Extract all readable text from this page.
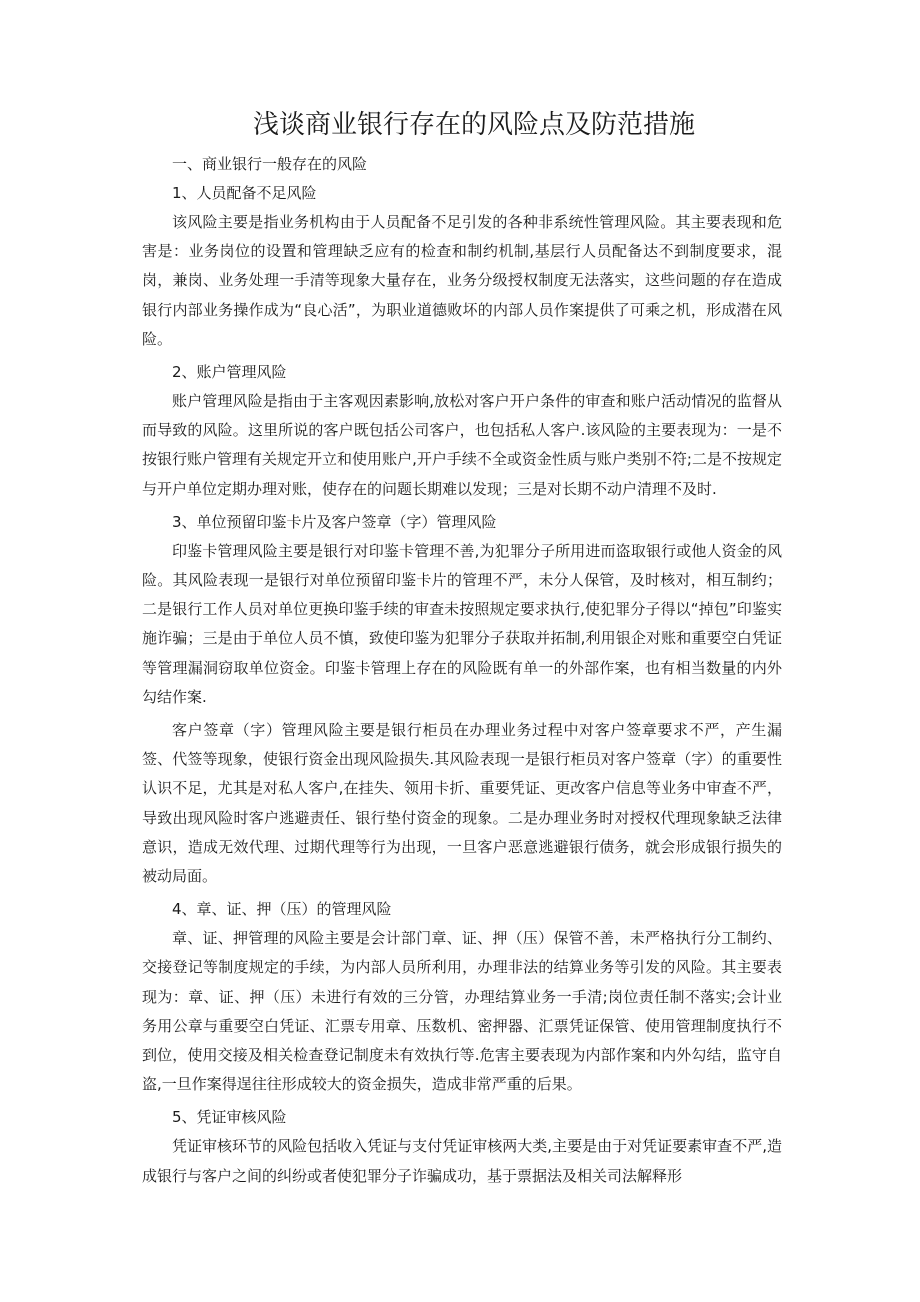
浅谈商业银行存在的风险点及防范措施

一、商业银行一般存在的风险

1、人员配备不足风险

该风险主要是指业务机构由于人员配备不足引发的各种非系统性管理风险。其主要表现和危害是：业务岗位的设置和管理缺乏应有的检查和制约机制,基层行人员配备达不到制度要求，混岗，兼岗、业务处理一手清等现象大量存在，业务分级授权制度无法落实，这些问题的存在造成银行内部业务操作成为“良心活”，为职业道德败坏的内部人员作案提供了可乘之机，形成潜在风险。

2、账户管理风险

账户管理风险是指由于主客观因素影响,放松对客户开户条件的审查和账户活动情况的监督从而导致的风险。这里所说的客户既包括公司客户，也包括私人客户.该风险的主要表现为：一是不按银行账户管理有关规定开立和使用账户,开户手续不全或资金性质与账户类别不符;二是不按规定与开户单位定期办理对账，使存在的问题长期难以发现；三是对长期不动户清理不及时.

3、单位预留印鉴卡片及客户签章（字）管理风险

印鉴卡管理风险主要是银行对印鉴卡管理不善,为犯罪分子所用进而盗取银行或他人资金的风险。其风险表现一是银行对单位预留印鉴卡片的管理不严，未分人保管，及时核对，相互制约；二是银行工作人员对单位更换印鉴手续的审查未按照规定要求执行,使犯罪分子得以“掉包”印鉴实施诈骗；三是由于单位人员不慎，致使印鉴为犯罪分子获取并拓制,利用银企对账和重要空白凭证等管理漏洞窃取单位资金。印鉴卡管理上存在的风险既有单一的外部作案，也有相当数量的内外勾结作案.

客户签章（字）管理风险主要是银行柜员在办理业务过程中对客户签章要求不严，产生漏签、代签等现象，使银行资金出现风险损失.其风险表现一是银行柜员对客户签章（字）的重要性认识不足，尤其是对私人客户,在挂失、领用卡折、重要凭证、更改客户信息等业务中审查不严，导致出现风险时客户逃避责任、银行垫付资金的现象。二是办理业务时对授权代理现象缺乏法律意识，造成无效代理、过期代理等行为出现，一旦客户恶意逃避银行债务，就会形成银行损失的被动局面。

4、章、证、押（压）的管理风险

章、证、押管理的风险主要是会计部门章、证、押（压）保管不善，未严格执行分工制约、交接登记等制度规定的手续，为内部人员所利用，办理非法的结算业务等引发的风险。其主要表现为：章、证、押（压）未进行有效的三分管，办理结算业务一手清;岗位责任制不落实;会计业务用公章与重要空白凭证、汇票专用章、压数机、密押器、汇票凭证保管、使用管理制度执行不到位，使用交接及相关检查登记制度未有效执行等.危害主要表现为内部作案和内外勾结，监守自盗,一旦作案得逞往往形成较大的资金损失，造成非常严重的后果。

5、凭证审核风险

凭证审核环节的风险包括收入凭证与支付凭证审核两大类,主要是由于对凭证要素审查不严,造成银行与客户之间的纠纷或者使犯罪分子诈骗成功，基于票据法及相关司法解释形
